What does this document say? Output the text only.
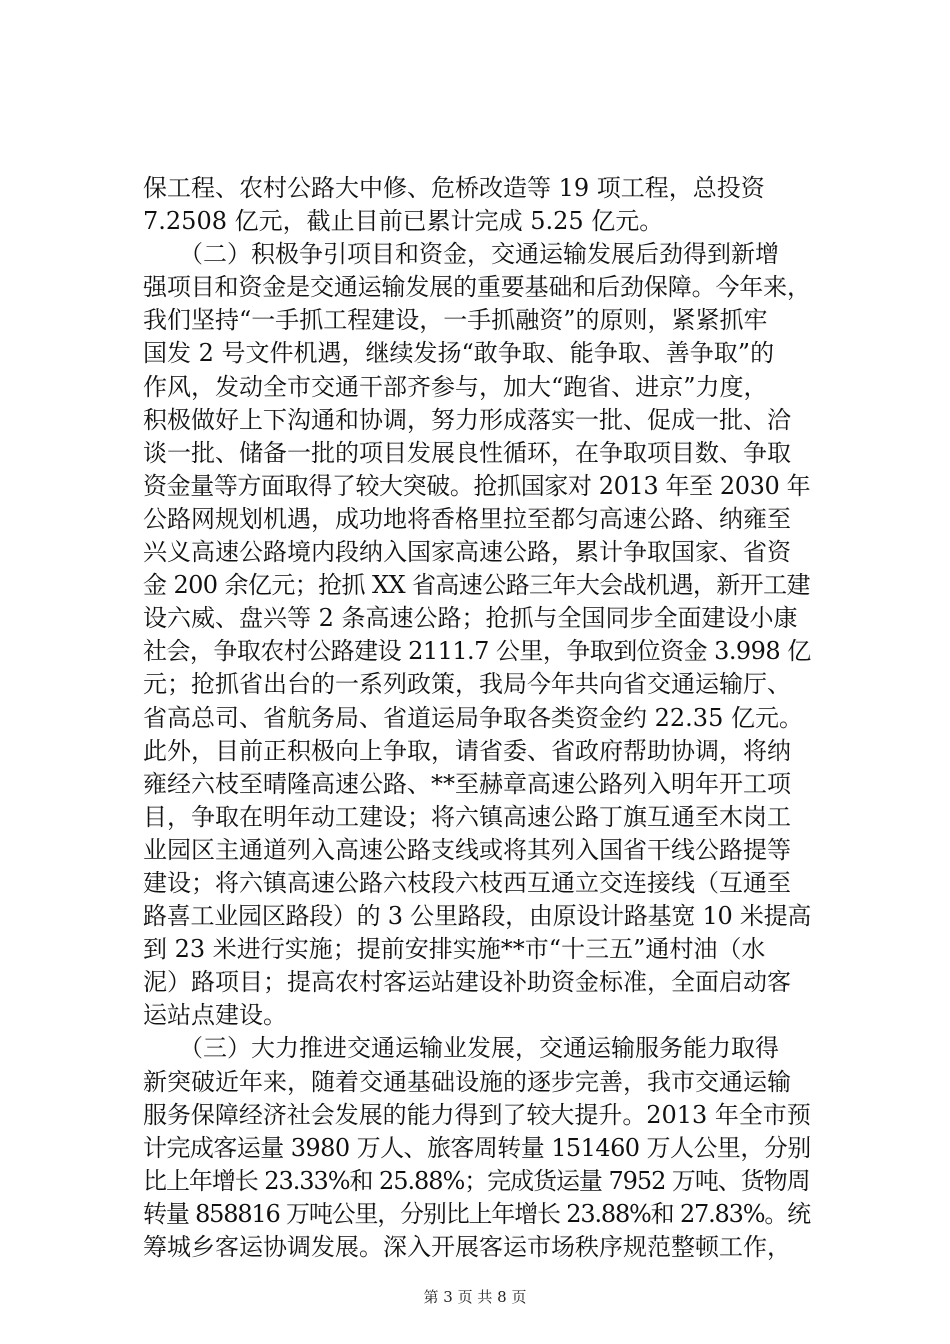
保工程、农村公路大中修、危桥改造等 19 项工程，总投资
7.2508 亿元，截止目前已累计完成 5.25 亿元。
　　（二）积极争引项目和资金，交通运输发展后劲得到新增
强项目和资金是交通运输发展的重要基础和后劲保障。今年来，
我们坚持“一手抓工程建设，一手抓融资”的原则，紧紧抓牢
国发 2 号文件机遇，继续发扬“敢争取、能争取、善争取”的
作风，发动全市交通干部齐参与，加大“跑省、进京”力度，
积极做好上下沟通和协调，努力形成落实一批、促成一批、洽
谈一批、储备一批的项目发展良性循环，在争取项目数、争取
资金量等方面取得了较大突破。抢抓国家对 2013 年至 2030 年
公路网规划机遇，成功地将香格里拉至都匀高速公路、纳雍至
兴义高速公路境内段纳入国家高速公路，累计争取国家、省资
金 200 余亿元；抢抓 XX 省高速公路三年大会战机遇，新开工建
设六威、盘兴等 2 条高速公路；抢抓与全国同步全面建设小康
社会，争取农村公路建设 2111.7 公里，争取到位资金 3.998 亿
元；抢抓省出台的一系列政策，我局今年共向省交通运输厅、
省高总司、省航务局、省道运局争取各类资金约 22.35 亿元。
此外，目前正积极向上争取，请省委、省政府帮助协调，将纳
雍经六枝至晴隆高速公路、**至赫章高速公路列入明年开工项
目，争取在明年动工建设；将六镇高速公路丁旗互通至木岗工
业园区主通道列入高速公路支线或将其列入国省干线公路提等
建设；将六镇高速公路六枝段六枝西互通立交连接线（互通至
路喜工业园区路段）的 3 公里路段，由原设计路基宽 10 米提高
到 23 米进行实施；提前安排实施**市“十三五”通村油（水
泥）路项目；提高农村客运站建设补助资金标准，全面启动客
运站点建设。
　　（三）大力推进交通运输业发展，交通运输服务能力取得
新突破近年来，随着交通基础设施的逐步完善，我市交通运输
服务保障经济社会发展的能力得到了较大提升。2013 年全市预
计完成客运量 3980 万人、旅客周转量 151460 万人公里，分别
比上年增长 23.33%和 25.88%；完成货运量 7952 万吨、货物周
转量 858816 万吨公里，分别比上年增长 23.88%和 27.83%。统
筹城乡客运协调发展。深入开展客运市场秩序规范整顿工作，
第 3 页 共 8 页
